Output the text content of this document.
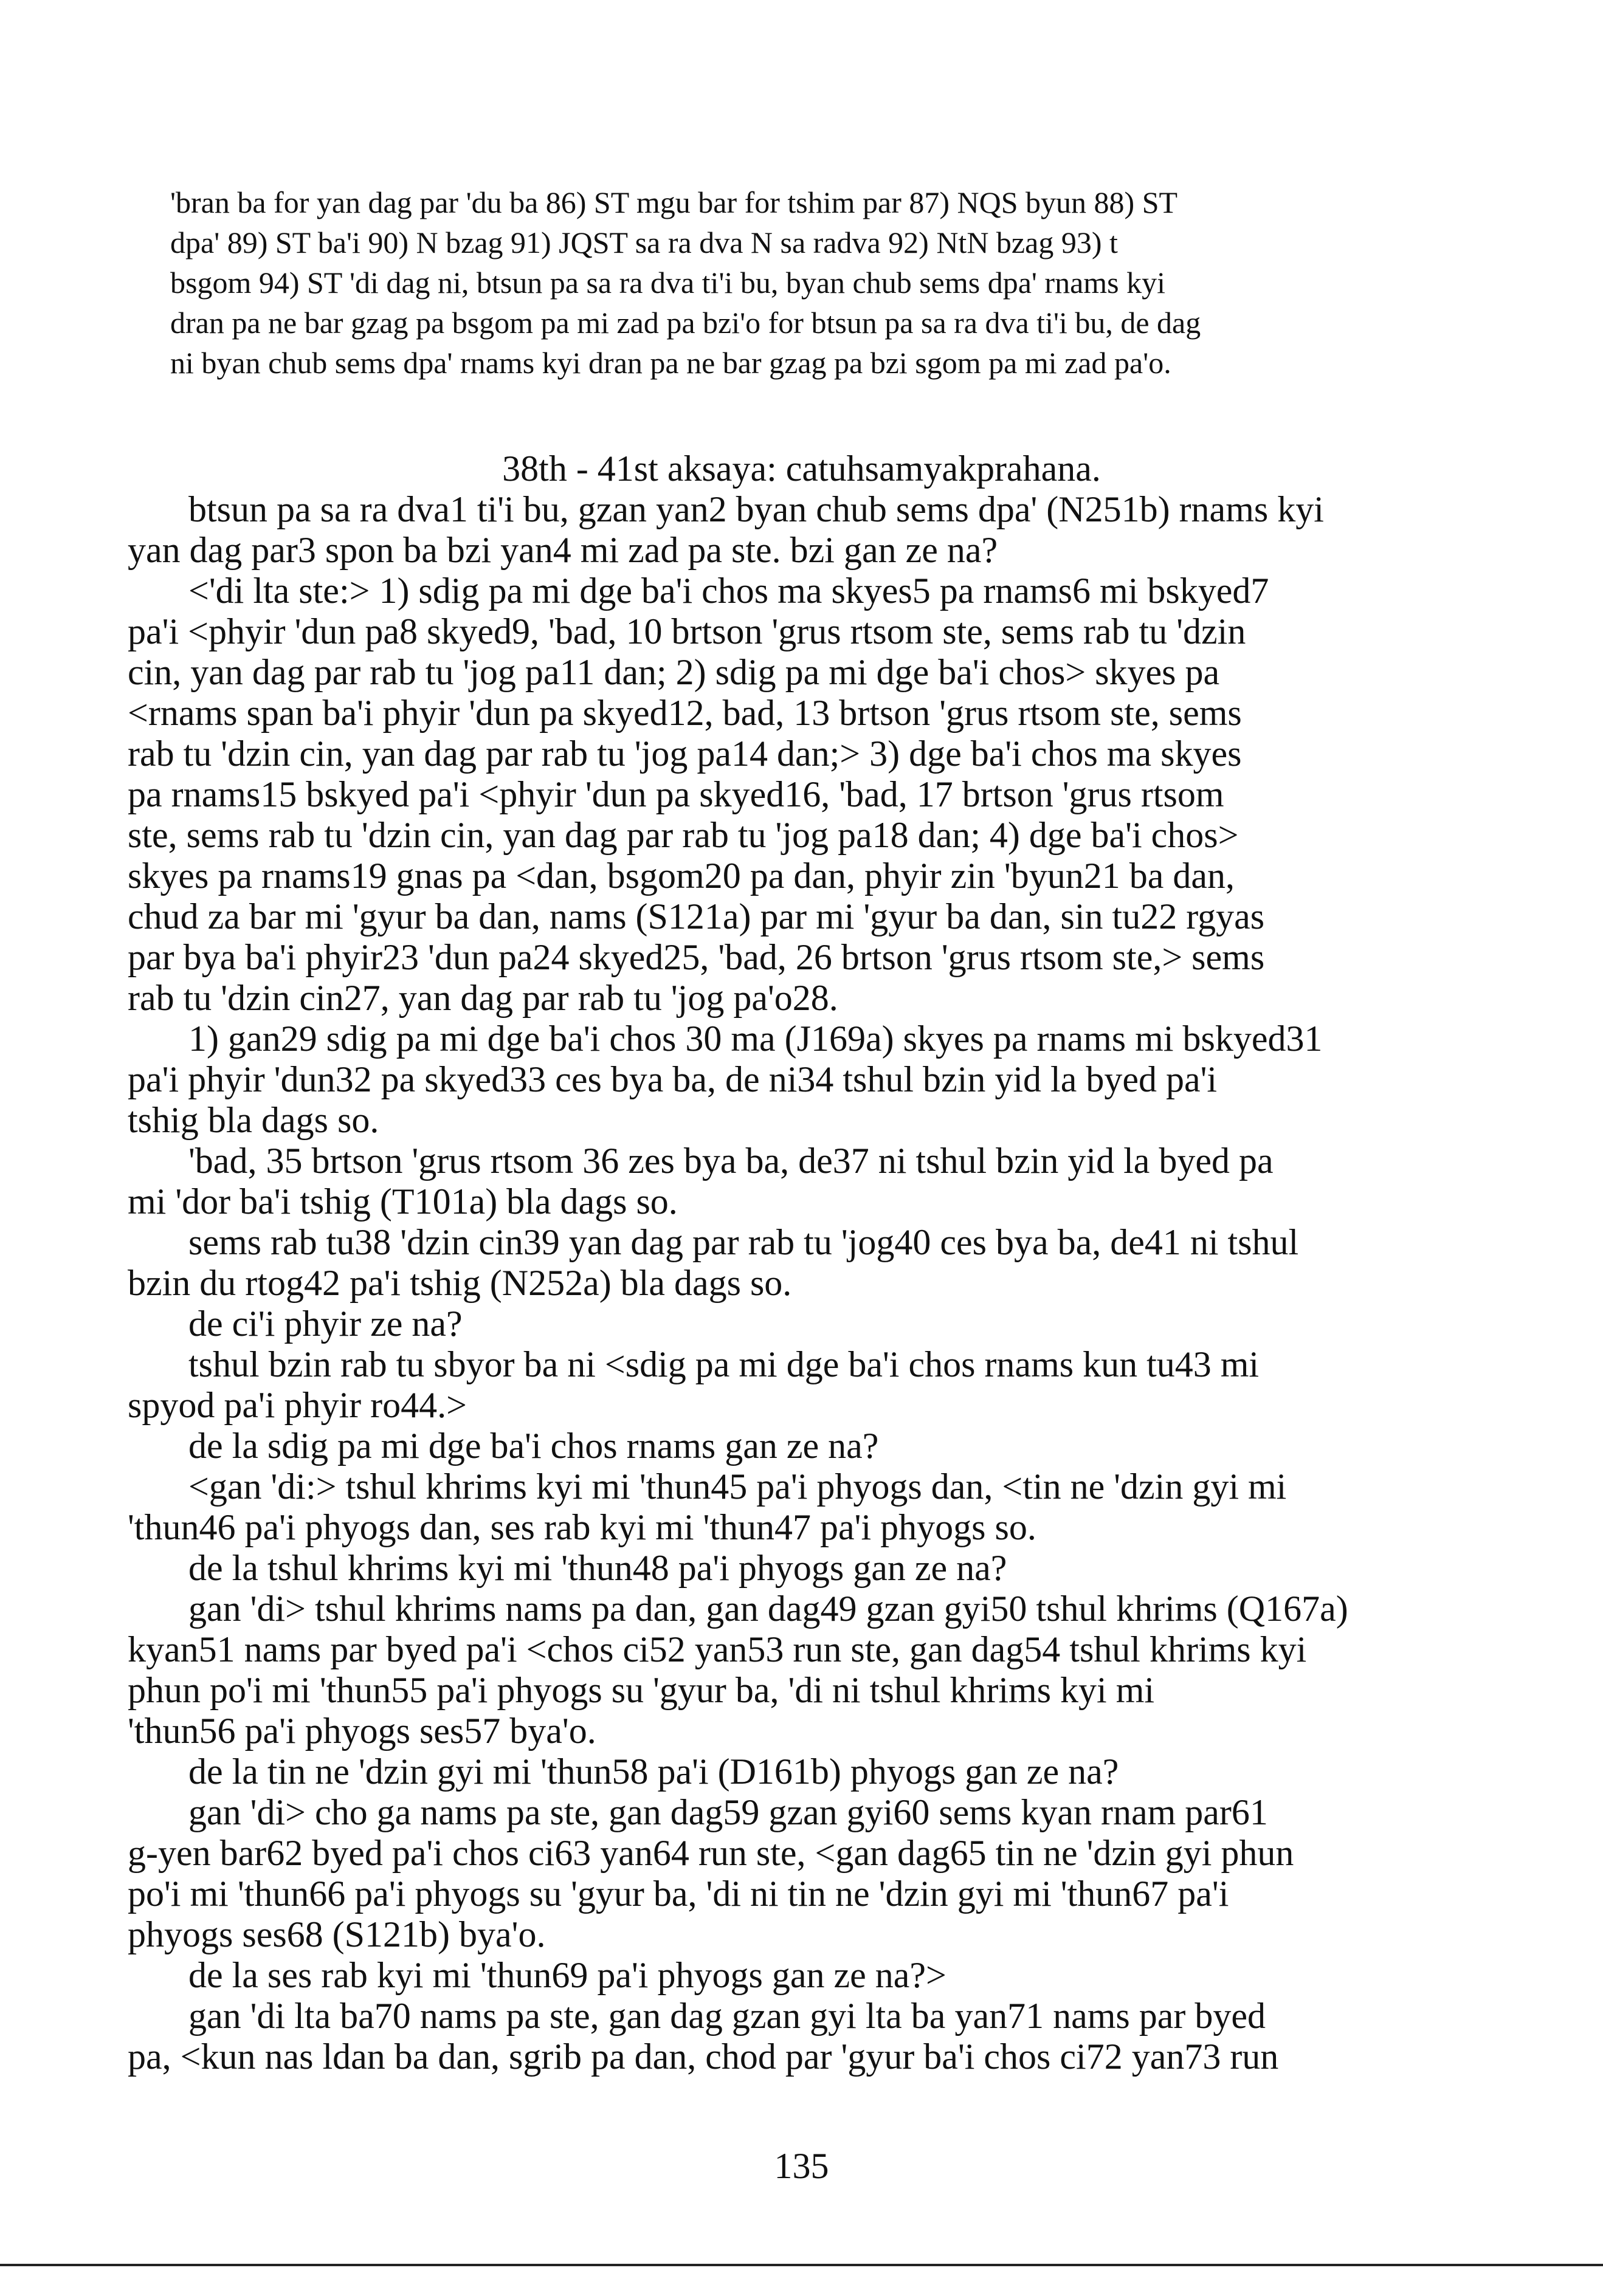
'bran ba for yan dag par 'du ba 86) ST mgu bar for tshim par 87) NQS byun 88) ST
dpa' 89) ST ba'i 90) N bzag 91) JQST sa ra dva N sa radva 92) NtN bzag 93) t
bsgom 94) ST 'di dag ni, btsun pa sa ra dva ti'i bu, byan chub sems dpa' rnams kyi
dran pa ne bar gzag pa bsgom pa mi zad pa bzi'o for btsun pa sa ra dva ti'i bu, de dag
ni byan chub sems dpa' rnams kyi dran pa ne bar gzag pa bzi sgom pa mi zad pa'o.
38th - 41st aksaya: catuhsamyakprahana.
btsun pa sa ra dva1 ti'i bu, gzan yan2 byan chub sems dpa' (N251b) rnams kyi
yan dag par3 spon ba bzi yan4 mi zad pa ste. bzi gan ze na?
<'di lta ste:> 1) sdig pa mi dge ba'i chos ma skyes5 pa rnams6 mi bskyed7
pa'i <phyir 'dun pa8 skyed9, 'bad, 10 brtson 'grus rtsom ste, sems rab tu 'dzin
cin, yan dag par rab tu 'jog pa11 dan; 2) sdig pa mi dge ba'i chos> skyes pa
<rnams span ba'i phyir 'dun pa skyed12, bad, 13 brtson 'grus rtsom ste, sems
rab tu 'dzin cin, yan dag par rab tu 'jog pa14 dan;> 3) dge ba'i chos ma skyes
pa rnams15 bskyed pa'i <phyir 'dun pa skyed16, 'bad, 17 brtson 'grus rtsom
ste, sems rab tu 'dzin cin, yan dag par rab tu 'jog pa18 dan; 4) dge ba'i chos>
skyes pa rnams19 gnas pa <dan, bsgom20 pa dan, phyir zin 'byun21 ba dan,
chud za bar mi 'gyur ba dan, nams (S121a) par mi 'gyur ba dan, sin tu22 rgyas
par bya ba'i phyir23 'dun pa24 skyed25, 'bad, 26 brtson 'grus rtsom ste,> sems
rab tu 'dzin cin27, yan dag par rab tu 'jog pa'o28.
1) gan29 sdig pa mi dge ba'i chos 30 ma (J169a) skyes pa rnams mi bskyed31
pa'i phyir 'dun32 pa skyed33 ces bya ba, de ni34 tshul bzin yid la byed pa'i
tshig bla dags so.
'bad, 35 brtson 'grus rtsom 36 zes bya ba, de37 ni tshul bzin yid la byed pa
mi 'dor ba'i tshig (T101a) bla dags so.
sems rab tu38 'dzin cin39 yan dag par rab tu 'jog40 ces bya ba, de41 ni tshul
bzin du rtog42 pa'i tshig (N252a) bla dags so.
de ci'i phyir ze na?
tshul bzin rab tu sbyor ba ni <sdig pa mi dge ba'i chos rnams kun tu43 mi
spyod pa'i phyir ro44.>
de la sdig pa mi dge ba'i chos rnams gan ze na?
<gan 'di:> tshul khrims kyi mi 'thun45 pa'i phyogs dan, <tin ne 'dzin gyi mi
'thun46 pa'i phyogs dan, ses rab kyi mi 'thun47 pa'i phyogs so.
de la tshul khrims kyi mi 'thun48 pa'i phyogs gan ze na?
gan 'di> tshul khrims nams pa dan, gan dag49 gzan gyi50 tshul khrims (Q167a)
kyan51 nams par byed pa'i <chos ci52 yan53 run ste, gan dag54 tshul khrims kyi
phun po'i mi 'thun55 pa'i phyogs su 'gyur ba, 'di ni tshul khrims kyi mi
'thun56 pa'i phyogs ses57 bya'o.
de la tin ne 'dzin gyi mi 'thun58 pa'i (D161b) phyogs gan ze na?
gan 'di> cho ga nams pa ste, gan dag59 gzan gyi60 sems kyan rnam par61
g-yen bar62 byed pa'i chos ci63 yan64 run ste, <gan dag65 tin ne 'dzin gyi phun
po'i mi 'thun66 pa'i phyogs su 'gyur ba, 'di ni tin ne 'dzin gyi mi 'thun67 pa'i
phyogs ses68 (S121b) bya'o.
de la ses rab kyi mi 'thun69 pa'i phyogs gan ze na?>
gan 'di lta ba70 nams pa ste, gan dag gzan gyi lta ba yan71 nams par byed
pa, <kun nas ldan ba dan, sgrib pa dan, chod par 'gyur ba'i chos ci72 yan73 run
135
